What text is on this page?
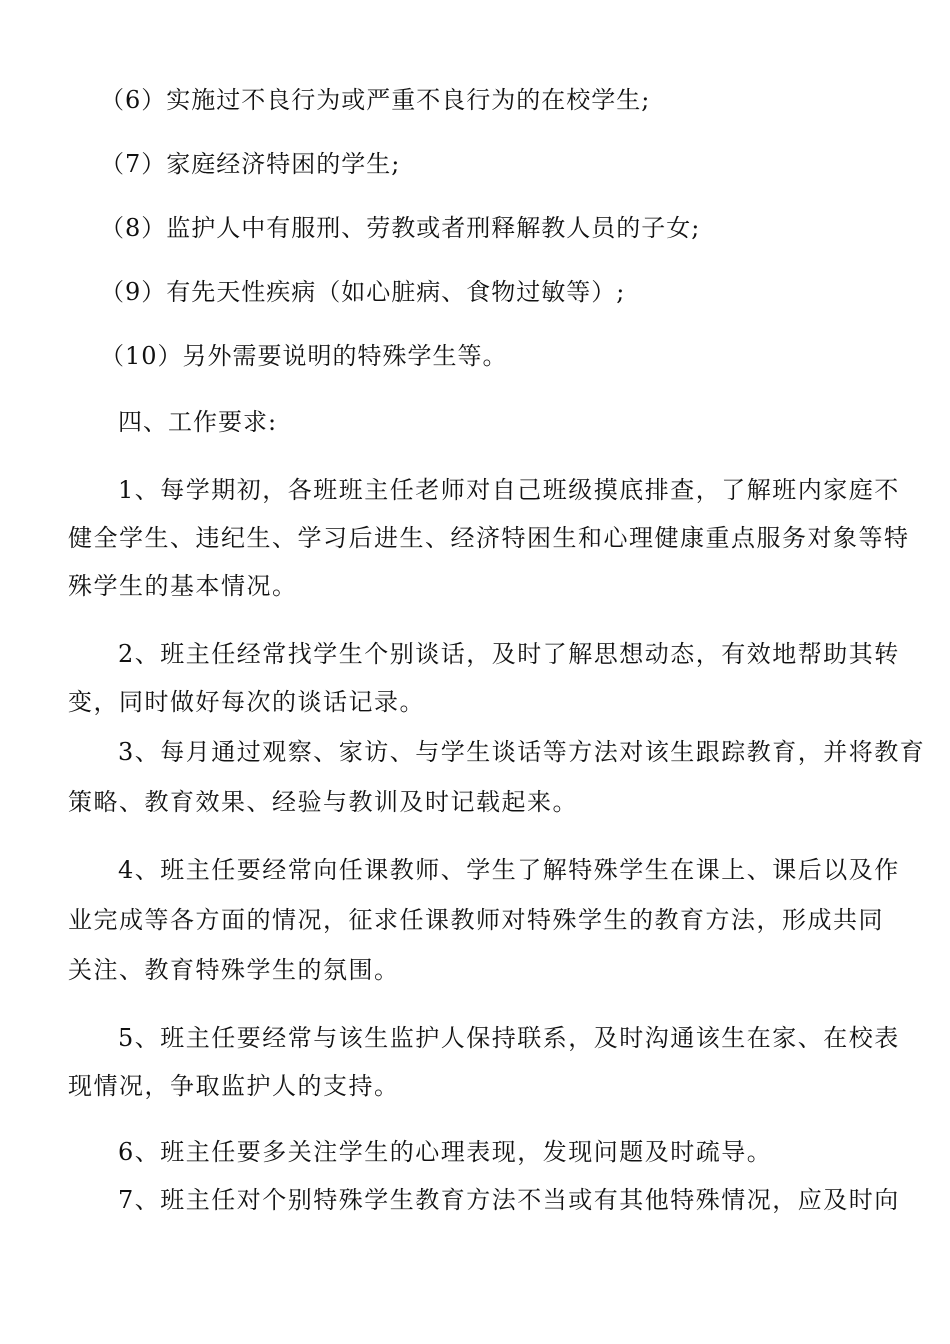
（6）实施过不良行为或严重不良行为的在校学生;
（7）家庭经济特困的学生;
（8）监护人中有服刑、劳教或者刑释解教人员的子女;
（9）有先天性疾病（如心脏病、食物过敏等）;
（10）另外需要说明的特殊学生等。
四、工作要求:
1、每学期初，各班班主任老师对自己班级摸底排查，了解班内家庭不
健全学生、违纪生、学习后进生、经济特困生和心理健康重点服务对象等特
殊学生的基本情况。
2、班主任经常找学生个别谈话，及时了解思想动态，有效地帮助其转
变，同时做好每次的谈话记录。
3、每月通过观察、家访、与学生谈话等方法对该生跟踪教育，并将教育
策略、教育效果、经验与教训及时记载起来。
4、班主任要经常向任课教师、学生了解特殊学生在课上、课后以及作
业完成等各方面的情况，征求任课教师对特殊学生的教育方法，形成共同
关注、教育特殊学生的氛围。
5、班主任要经常与该生监护人保持联系，及时沟通该生在家、在校表
现情况，争取监护人的支持。
6、班主任要多关注学生的心理表现，发现问题及时疏导。
7、班主任对个别特殊学生教育方法不当或有其他特殊情况，应及时向
